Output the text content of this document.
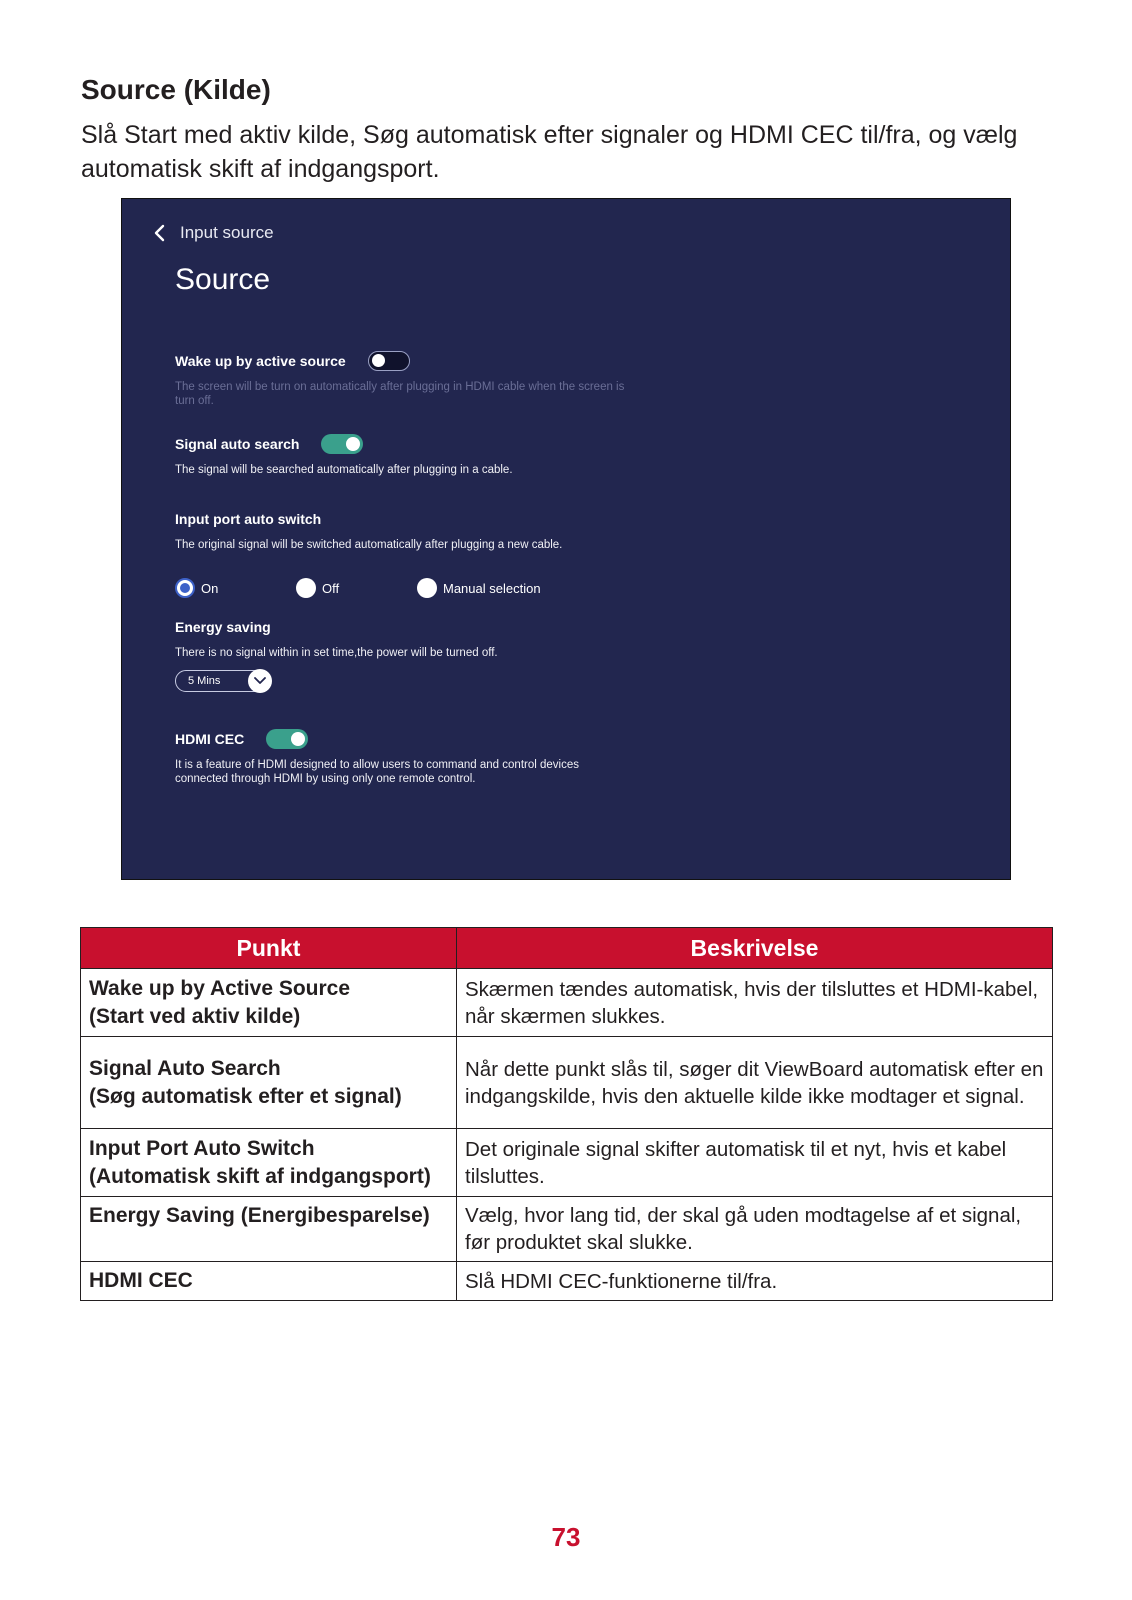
Source (Kilde)

Slå Start med aktiv kilde, Søg automatisk efter signaler og HDMI CEC til/fra, og vælg automatisk skift af indgangsport.

Input source
Source
Wake up by active source
The screen will be turn on automatically after plugging in HDMI cable when the screen is turn off.
Signal auto search
The signal will be searched automatically after plugging in a cable.
Input port auto switch
The original signal will be switched automatically after plugging a new cable.
On	Off	Manual selection
Energy saving
There is no signal within in set time,the power will be turned off.
5 Mins
HDMI CEC
It is a feature of HDMI designed to allow users to command and control devices connected through HDMI by using only one remote control.
Punkt	Beskrivelse

Wake up by Active Source
(Start ved aktiv kilde)	Skærmen tændes automatisk, hvis der tilsluttes et HDMI-kabel, når skærmen slukkes.

Signal Auto Search
(Søg automatisk efter et signal)	Når dette punkt slås til, søger dit ViewBoard automatisk efter en indgangskilde, hvis den aktuelle kilde ikke modtager et signal.

Input Port Auto Switch
(Automatisk skift af indgangsport)	Det originale signal skifter automatisk til et nyt, hvis et kabel tilsluttes.

Energy Saving (Energibesparelse)	Vælg, hvor lang tid, der skal gå uden modtagelse af et signal, før produktet skal slukke.

HDMI CEC	Slå HDMI CEC-funktionerne til/fra.
73
